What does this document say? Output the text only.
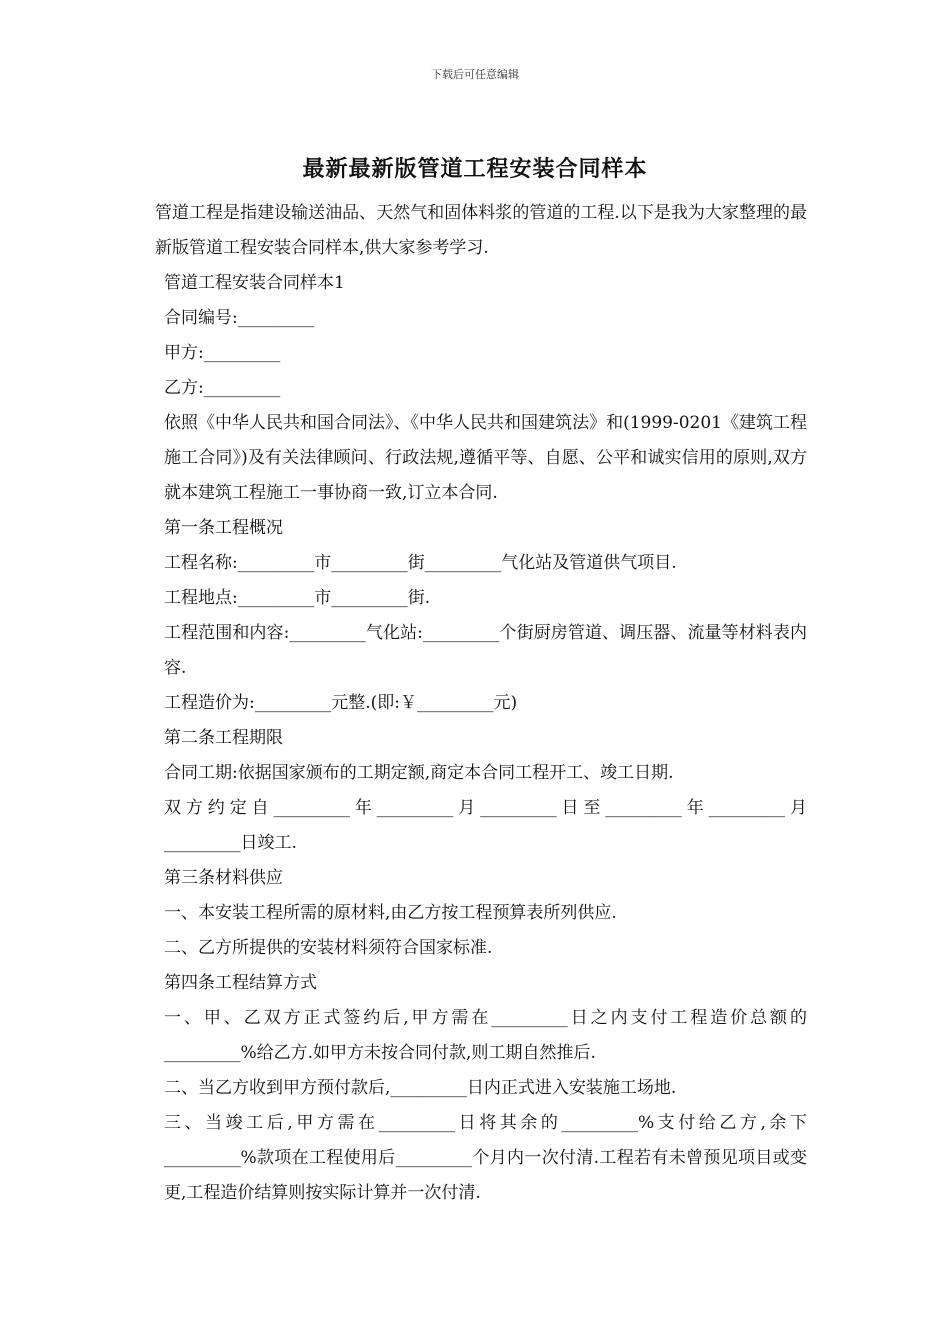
下载后可任意编辑
最新最新版管道工程安装合同样本

管道工程是指建设输送油品、天然气和固体料浆的管道的工程.以下是我为大家整理的最新版管道工程安装合同样本,供大家参考学习.

管道工程安装合同样本1

合同编号:_________

甲方:_________

乙方:_________

依照《中华人民共和国合同法》、《中华人民共和国建筑法》和(1999-0201《建筑工程施工合同》)及有关法律顾问、行政法规,遵循平等、自愿、公平和诚实信用的原则,双方就本建筑工程施工一事协商一致,订立本合同.

第一条工程概况

工程名称:_________市_________街_________气化站及管道供气项目.

工程地点:_________市_________街.

工程范围和内容:_________气化站:_________个街厨房管道、调压器、流量等材料表内容.

工程造价为:_________元整.(即:￥_________元)

第二条工程期限

合同工期:依据国家颁布的工期定额,商定本合同工程开工、竣工日期.

双方约定自_________年_________月_________日至_________年_________月_________日竣工.

第三条材料供应

一、本安装工程所需的原材料,由乙方按工程预算表所列供应.

二、乙方所提供的安装材料须符合国家标准.

第四条工程结算方式

一、甲、乙双方正式签约后,甲方需在_________日之内支付工程造价总额的_________%给乙方.如甲方未按合同付款,则工期自然推后.

二、当乙方收到甲方预付款后,_________日内正式进入安装施工场地.

三、当竣工后,甲方需在_________日将其余的_________%支付给乙方,余下_________%款项在工程使用后_________个月内一次付清.工程若有未曾预见项目或变更,工程造价结算则按实际计算并一次付清.
